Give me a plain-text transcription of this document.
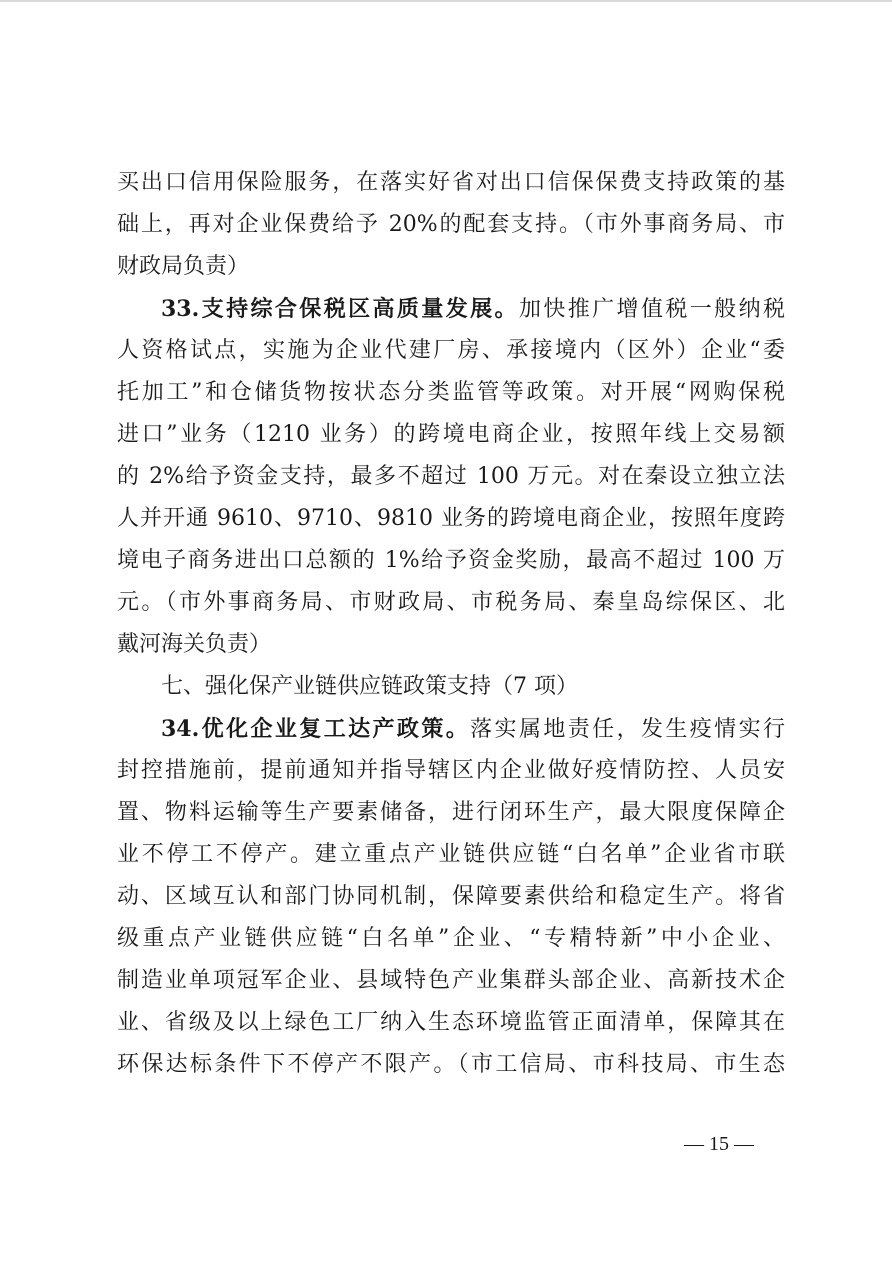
买出口信用保险服务，在落实好省对出口信保保费支持政策的基
础上，再对企业保费给予 20%的配套支持。（市外事商务局、市
财政局负责）
33.支持综合保税区高质量发展。加快推广增值税一般纳税
人资格试点，实施为企业代建厂房、承接境内（区外）企业“委
托加工”和仓储货物按状态分类监管等政策。对开展“网购保税
进口”业务（1210 业务）的跨境电商企业，按照年线上交易额
的 2%给予资金支持，最多不超过 100 万元。对在秦设立独立法
人并开通 9610、9710、9810 业务的跨境电商企业，按照年度跨
境电子商务进出口总额的 1%给予资金奖励，最高不超过 100 万
元。（市外事商务局、市财政局、市税务局、秦皇岛综保区、北
戴河海关负责）
七、强化保产业链供应链政策支持（7 项）
34.优化企业复工达产政策。落实属地责任，发生疫情实行
封控措施前，提前通知并指导辖区内企业做好疫情防控、人员安
置、物料运输等生产要素储备，进行闭环生产，最大限度保障企
业不停工不停产。建立重点产业链供应链“白名单”企业省市联
动、区域互认和部门协同机制，保障要素供给和稳定生产。将省
级重点产业链供应链“白名单”企业、“专精特新”中小企业、
制造业单项冠军企业、县域特色产业集群头部企业、高新技术企
业、省级及以上绿色工厂纳入生态环境监管正面清单，保障其在
环保达标条件下不停产不限产。（市工信局、市科技局、市生态
— 15 —
